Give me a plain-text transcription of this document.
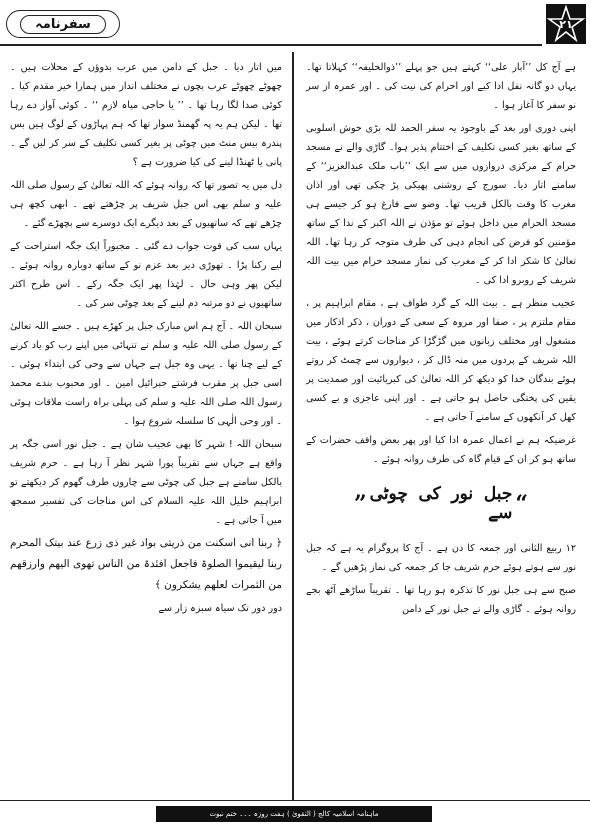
سفرنامہ	۲۱

ہے آج کل ’’آبار علی‘‘ کہتے ہیں جو پہلے ’’ذوالحلیفہ‘‘ کہلاتا تھا۔ یہاں دو گانہ نفل ادا کیے اور احرام کی نیت کی ۔ اور عمرہ از سر نو سفر کا آغاز ہوا ۔

اپنی دوری اور بعد کے باوجود یہ سفر الحمد للہ بڑی خوش اسلوبی کے ساتھ بغیر کسی تکلیف کے اختتام پذیر ہوا۔ گاڑی والے نے مسجد حرام کے مرکزی دروازوں میں سے ایک ’’باب ملک عبدالعزیز‘‘ کے سامنے اتار دیا۔ سورج کے روشنی پھیکی پڑ چکی تھی اور اذان مغرب کا وقت بالکل قریب تھا۔ وضو سے فارغ ہو کر جیسے ہی مسجد الحرام میں داخل ہوئے تو مؤذن نے اللہ اکبر کے ندا کے ساتھ مؤمنین کو فرض کی انجام دہی کی طرف متوجہ کر رہا تھا۔ اللہ تعالیٰ کا شکر ادا کر کے مغرب کی نماز مسجد حرام میں بیت اللہ شریف کے روبرو ادا کی ۔

عجیب منظر ہے ۔ بیت اللہ کے گرد طواف ہے ، مقام ابراہیم پر ، مقام ملتزم پر ، صفا اور مروہ کے سعی کے دوران ، ذکر اذکار میں مشغول اور مختلف زبانوں میں گڑگڑا کر مناجات کرتے ہوئے ، بیت اللہ شریف کے پردوں میں منہ ڈال کر ، دیواروں سے چمٹ کر روتے ہوئے بندگان خدا کو دیکھ کر اللہ تعالیٰ کی کبریائیت اور صمدیت پر یقین کی پختگی حاصل ہو جاتی ہے ۔ اور اپنی عاجزی و بے کسی کھل کر آنکھوں کے سامنے آ جاتی ہے ۔

غرضیکہ ہم نے اعمال عمرہ ادا کیا اور پھر بعض واقف حضرات کے ساتھ ہو کر ان کے قیام گاہ کی طرف روانہ ہوئے ۔

“
جبل نور کی چوٹی سے
”

۱۲ ربیع الثانی اور جمعہ کا دن ہے ۔ آج کا پروگرام یہ ہے کہ جبل نور سے ہوتے ہوئے حرم شریف جا کر جمعہ کی نماز پڑھیں گے ۔

صبح سے ہی جبل نور کا تذکرہ ہو رہا تھا ۔ تقریباً ساڑھے آٹھ بجے روانہ ہوئے ۔ گاڑی والے نے جبل نور کے دامن

میں اتار دیا ۔ جبل کے دامن میں عرب بدوؤں کے محلات ہیں ۔ چھوٹے چھوٹے عرب بچوں نے مختلف انداز میں ہمارا خیر مقدم کیا ۔ کوئی صدا لگا رہا تھا ۔ ’’ یا حاجی میاہ لازم ‘‘ ۔ کوئی آواز دے رہا تھا ۔ لیکن ہم یہ پہ گھمنڈ سوار تھا کہ ہم پہاڑوں کے لوگ ہیں بس پندرہ بیس منٹ میں چوٹی پر بغیر کسی تکلیف کے سر کر لیں گے ۔ پانی یا ٹھنڈا لینے کی کیا ضرورت ہے ؟

دل میں یہ تصور تھا کہ روانہ ہوئے کہ اللہ تعالیٰ کے رسول صلی اللہ علیہ و سلم بھی اس جبل شریف پر چڑھتے تھے ۔ ابھی کچھ ہی چڑھے تھے کہ ساتھیوں کے بعد دیگرے ایک دوسرے سے بچھڑے گئے ۔

یہاں سب کی قوت جواب دے گئی ۔ مجبوراً ایک جگہ استراحت کے لیے رکنا پڑا ۔ تھوڑی دیر بعد عزم نو کے ساتھ دوبارہ روانہ ہوئے ۔ لیکن پھر وہی حال ۔ لہٰذا پھر ایک جگہ رکے ۔ اس طرح اکثر ساتھیوں نے دو مرتبہ دم لینے کے بعد چوٹی سر کی ۔

سبحان اللہ ۔ آج ہم اس مبارک جبل پر کھڑے ہیں ۔ جسے اللہ تعالیٰ کے رسول صلی اللہ علیہ و سلم نے تنہائی میں اپنے رب کو یاد کرنے کے لیے چنا تھا ۔ یہی وہ جبل ہے جہاں سے وحی کی ابتداء ہوئی ۔ اسی جبل پر مقرب فرشتے جبرائیل امین ۔ اور محبوب بندے محمد رسول اللہ صلی اللہ علیہ و سلم کی پہلی براہ راست ملاقات ہوئی ۔ اور وحی الٰہی کا سلسلہ شروع ہوا ۔

سبحان اللہ ! شہر کا بھی عجیب شان ہے ۔ جبل نور اسی جگہ پر واقع ہے جہاں سے تقریباً پورا شہر نظر آ رہا ہے ۔ حرم شریف بالکل سامنے ہے جبل کی چوٹی سے چاروں طرف گھوم کر دیکھتے تو ابراہیم خلیل اللہ علیہ السلام کی اس مناجات کی تفسیر سمجھ میں آ جاتی ہے ۔

﴿ ربنا انی اسکنت من ذریتی بواد غیر ذی زرع عند بیتک المحرم ربنا لیقیموا الصلوۃ فاجعل افئدۃ من الناس تھوی الیھم وارزقھم من الثمرات لعلھم یشکرون ﴾

دور دور تک سیاہ سبزہ زار سے

ماہنامہ اسلامیہ کالج ( التقویٰ ) ہفت روزہ ۔۔۔ ختم نبوت
